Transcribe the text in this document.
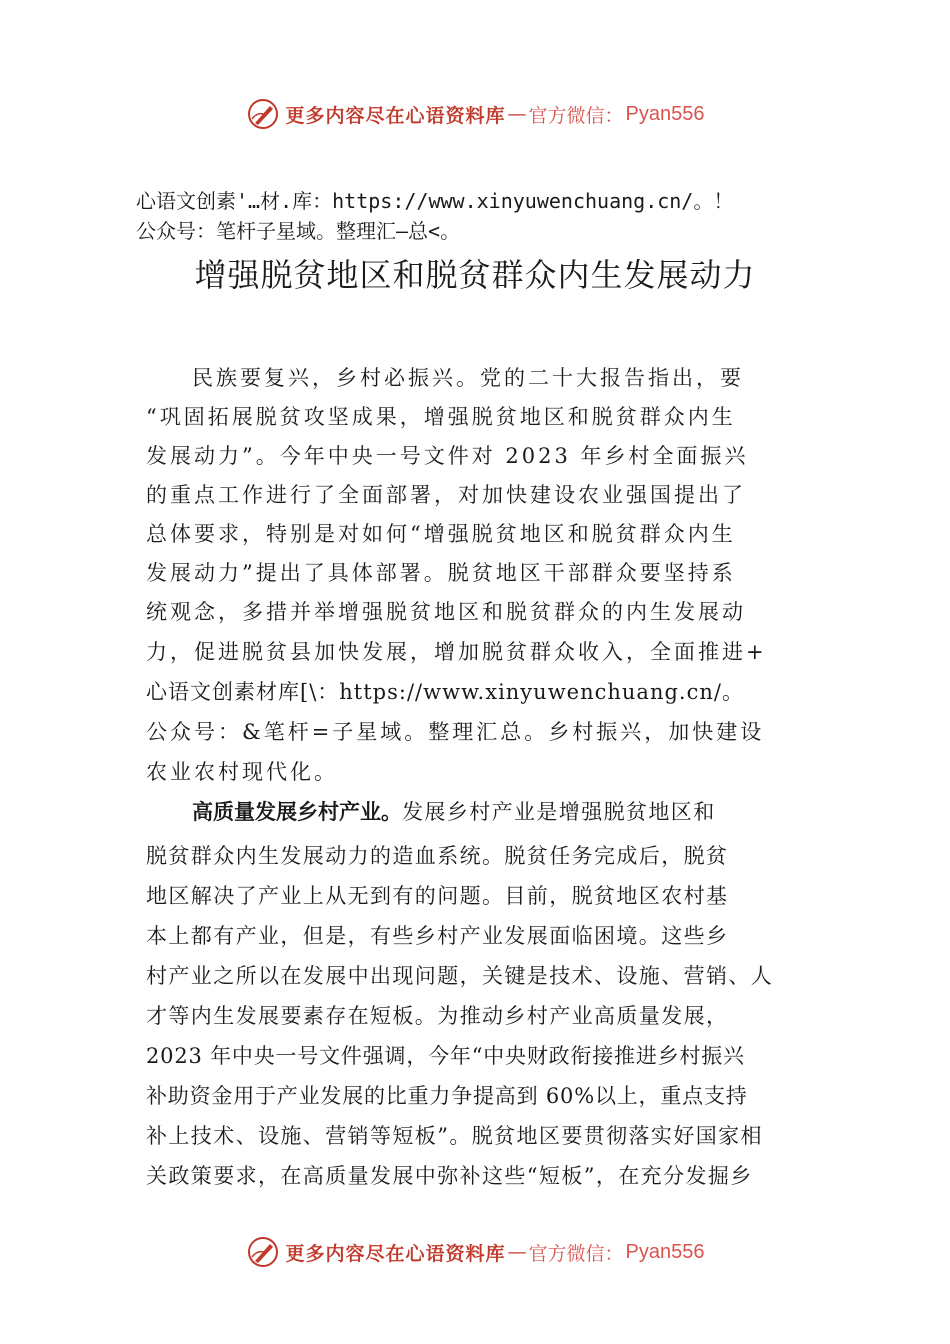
更多内容尽在心语资料库 — 官方微信： Pyan556
心语文创素'…材.库：https://www.xinyuwenchuang.cn/。！
公众号：笔杆子星域。整理汇—总<。
增强脱贫地区和脱贫群众内生发展动力
民族要复兴，乡村必振兴。党的二十大报告指出，要
“巩固拓展脱贫攻坚成果，增强脱贫地区和脱贫群众内生
发展动力”。今年中央一号文件对 2023 年乡村全面振兴
的重点工作进行了全面部署，对加快建设农业强国提出了
总体要求，特别是对如何“增强脱贫地区和脱贫群众内生
发展动力”提出了具体部署。脱贫地区干部群众要坚持系
统观念，多措并举增强脱贫地区和脱贫群众的内生发展动
力，促进脱贫县加快发展，增加脱贫群众收入，全面推进+
心语文创素材库[\：https://www.xinyuwenchuang.cn/。
公众号：&笔杆=子星域。整理汇总。乡村振兴，加快建设
农业农村现代化。
高质量发展乡村产业。发展乡村产业是增强脱贫地区和
脱贫群众内生发展动力的造血系统。脱贫任务完成后，脱贫
地区解决了产业上从无到有的问题。目前，脱贫地区农村基
本上都有产业，但是，有些乡村产业发展面临困境。这些乡
村产业之所以在发展中出现问题，关键是技术、设施、营销、人
才等内生发展要素存在短板。为推动乡村产业高质量发展，
2023 年中央一号文件强调，今年“中央财政衔接推进乡村振兴
补助资金用于产业发展的比重力争提高到 60%以上，重点支持
补上技术、设施、营销等短板”。脱贫地区要贯彻落实好国家相
关政策要求，在高质量发展中弥补这些“短板”，在充分发掘乡
更多内容尽在心语资料库 — 官方微信： Pyan556
